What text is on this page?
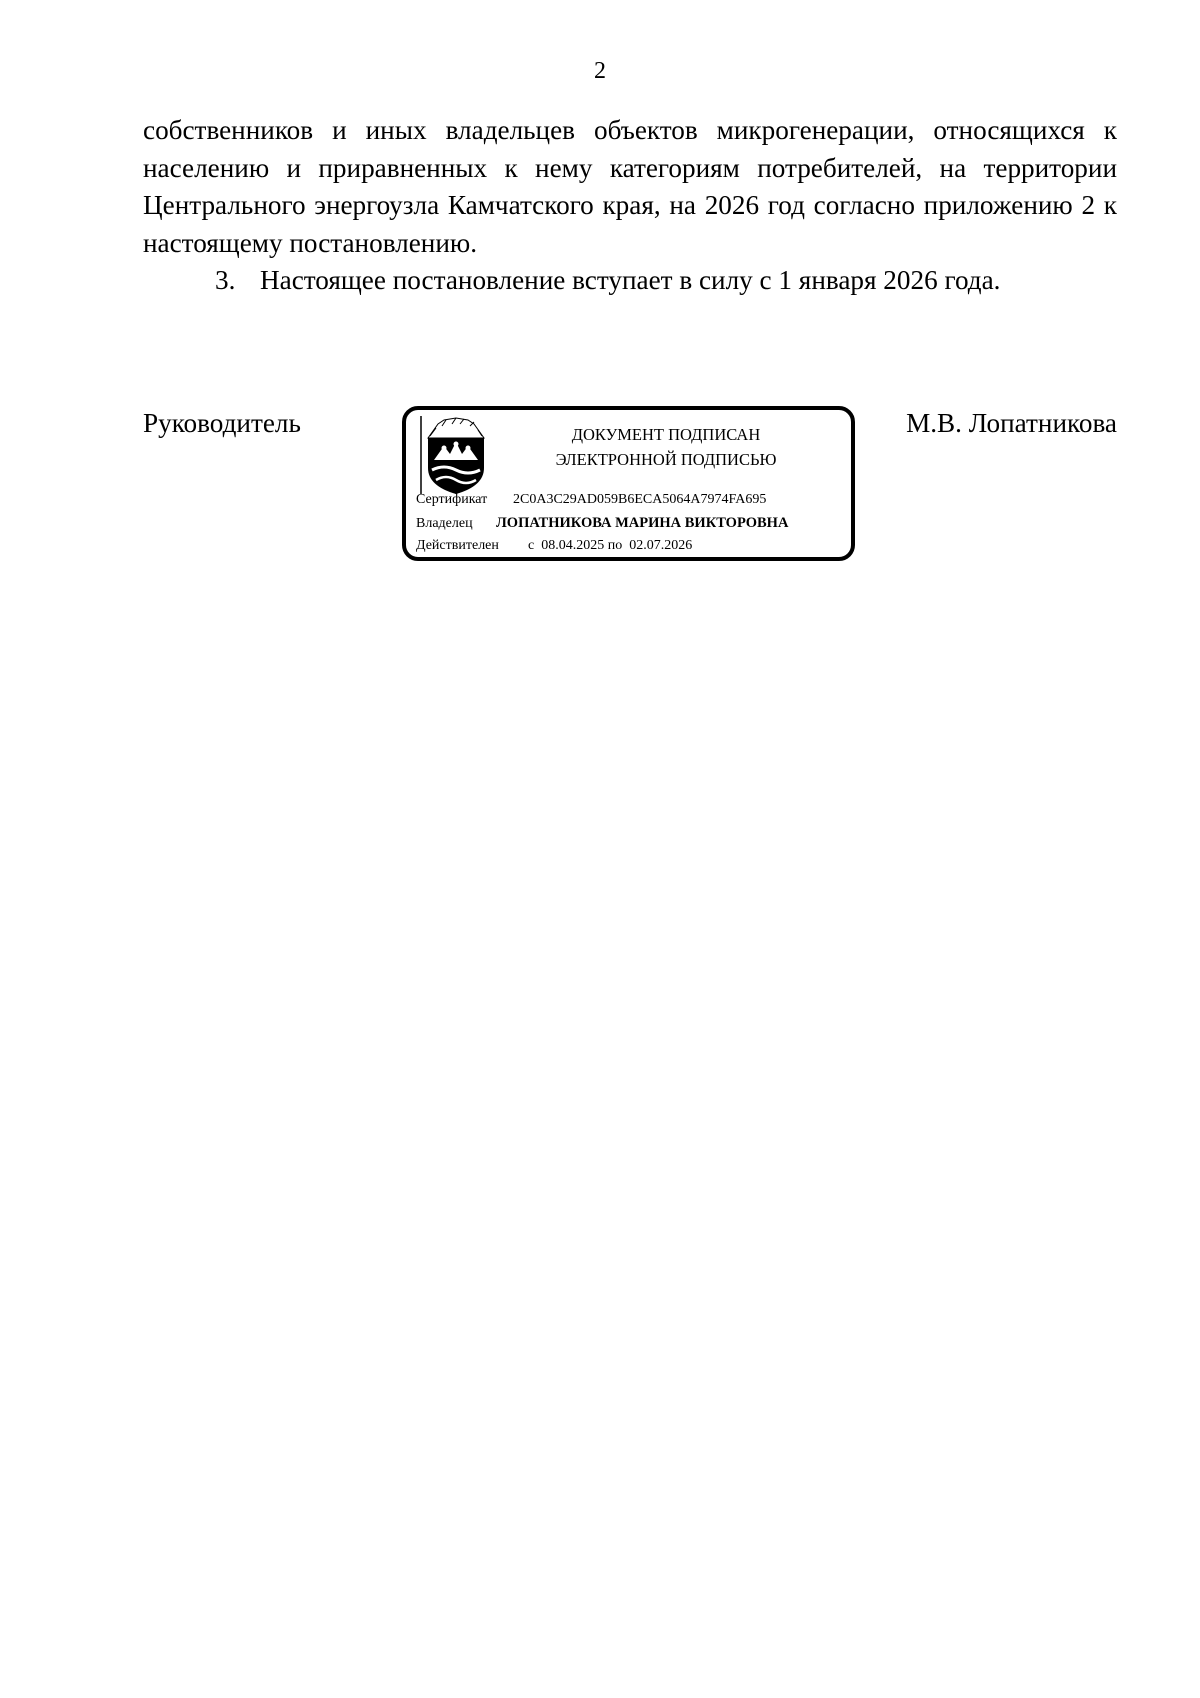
2

собственников и иных владельцев объектов микрогенерации, относящихся к населению и приравненных к нему категориям потребителей, на территории Центрального энергоузла Камчатского края, на 2026 год согласно приложению 2 к настоящему постановлению.

3. Настоящее постановление вступает в силу с 1 января 2026 года.

Руководитель	ДОКУМЕНТ ПОДПИСАН
ЭЛЕКТРОННОЙ ПОДПИСЬЮ
Сертификат 2C0A3C29AD059B6ECA5064A7974FA695
Владелец ЛОПАТНИКОВА МАРИНА ВИКТОРОВНА
Действителен с 08.04.2025 по 02.07.2026
М.В. Лопатникова
